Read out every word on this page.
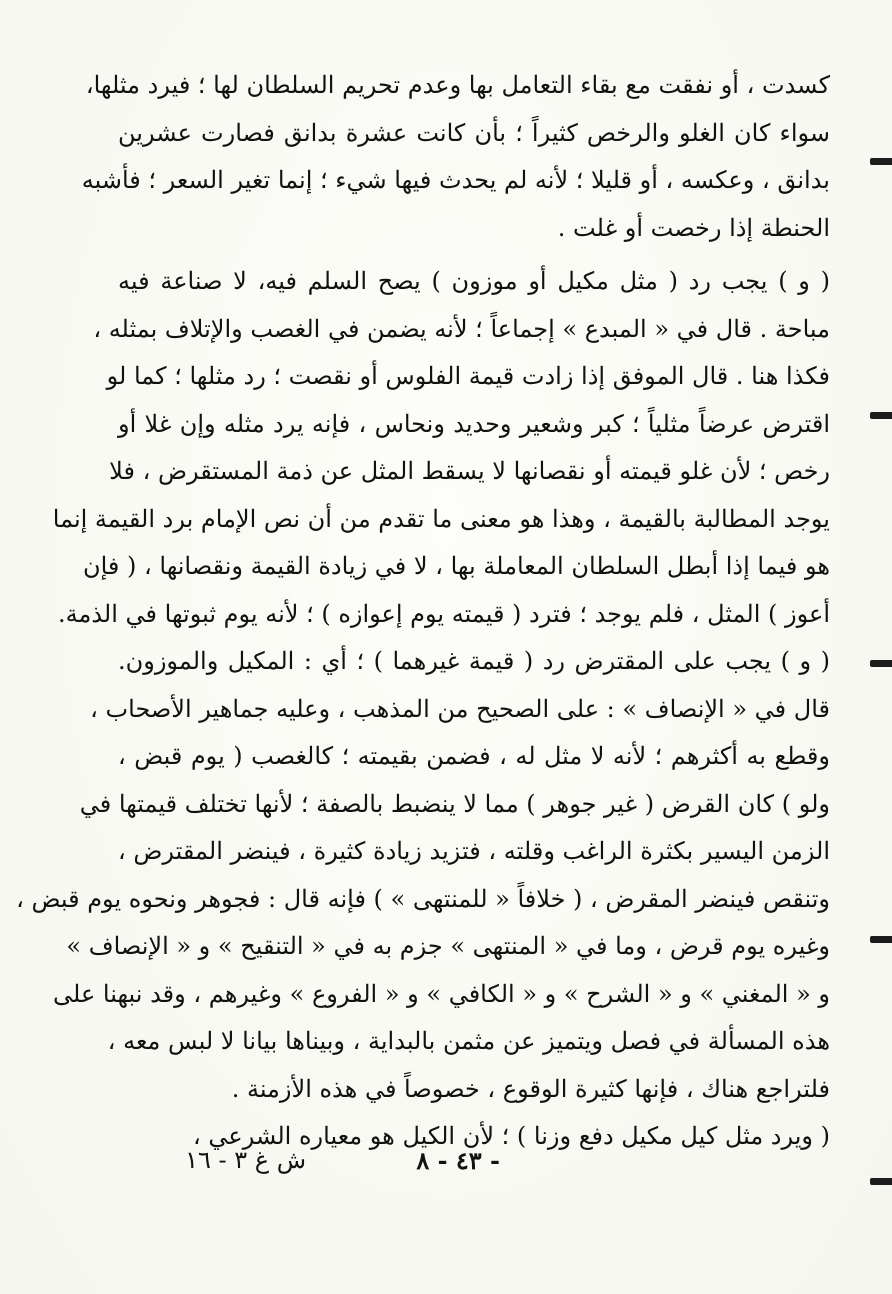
كسدت ، أو نفقت مع بقاء التعامل بها وعدم تحريم السلطان لها ؛ فيرد مثلها،
سواء كان الغلو والرخص كثيراً ؛ بأن كانت عشرة بدانق فصارت عشرين
بدانق ، وعكسه ، أو قليلا ؛ لأنه لم يحدث فيها شيء ؛ إنما تغير السعر ؛ فأشبه
الحنطة إذا رخصت أو غلت .
( و ) يجب رد ( مثل مكيل أو موزون ) يصح السلم فيه، لا صناعة فيه
مباحة . قال في « المبدع » إجماعاً ؛ لأنه يضمن في الغصب والإتلاف بمثله ،
فكذا هنا . قال الموفق إذا زادت قيمة الفلوس أو نقصت ؛ رد مثلها ؛ كما لو
اقترض عرضاً مثلياً ؛ كبر وشعير وحديد ونحاس ، فإنه يرد مثله وإن غلا أو
رخص ؛ لأن غلو قيمته أو نقصانها لا يسقط المثل عن ذمة المستقرض ، فلا
يوجد المطالبة بالقيمة ، وهذا هو معنى ما تقدم من أن نص الإمام برد القيمة إنما
هو فيما إذا أبطل السلطان المعاملة بها ، لا في زيادة القيمة ونقصانها ، ( فإن
أعوز ) المثل ، فلم يوجد ؛ فترد ( قيمته يوم إعوازه ) ؛ لأنه يوم ثبوتها في الذمة.
( و ) يجب على المقترض رد ( قيمة غيرهما ) ؛ أي : المكيل والموزون.
قال في « الإنصاف » : على الصحيح من المذهب ، وعليه جماهير الأصحاب ،
وقطع به أكثرهم ؛ لأنه لا مثل له ، فضمن بقيمته ؛ كالغصب ( يوم قبض ،
ولو ) كان القرض ( غير جوهر ) مما لا ينضبط بالصفة ؛ لأنها تختلف قيمتها في
الزمن اليسير بكثرة الراغب وقلته ، فتزيد زيادة كثيرة ، فينضر المقترض ،
وتنقص فينضر المقرض ، ( خلافاً « للمنتهى » ) فإنه قال : فجوهر ونحوه يوم قبض ،
وغيره يوم قرض ، وما في « المنتهى » جزم به في « التنقيح » و « الإنصاف »
و « المغني » و « الشرح » و « الكافي » و « الفروع » وغيرهم ، وقد نبهنا على
هذه المسألة في فصل ويتميز عن مثمن بالبداية ، وبيناها بيانا لا لبس معه ،
فلتراجع هناك ، فإنها كثيرة الوقوع ، خصوصاً في هذه الأزمنة .
( ويرد مثل كيل مكيل دفع وزنا ) ؛ لأن الكيل هو معياره الشرعي ،
- ٤٣ - ٨
ش غ ٣ - ١٦
